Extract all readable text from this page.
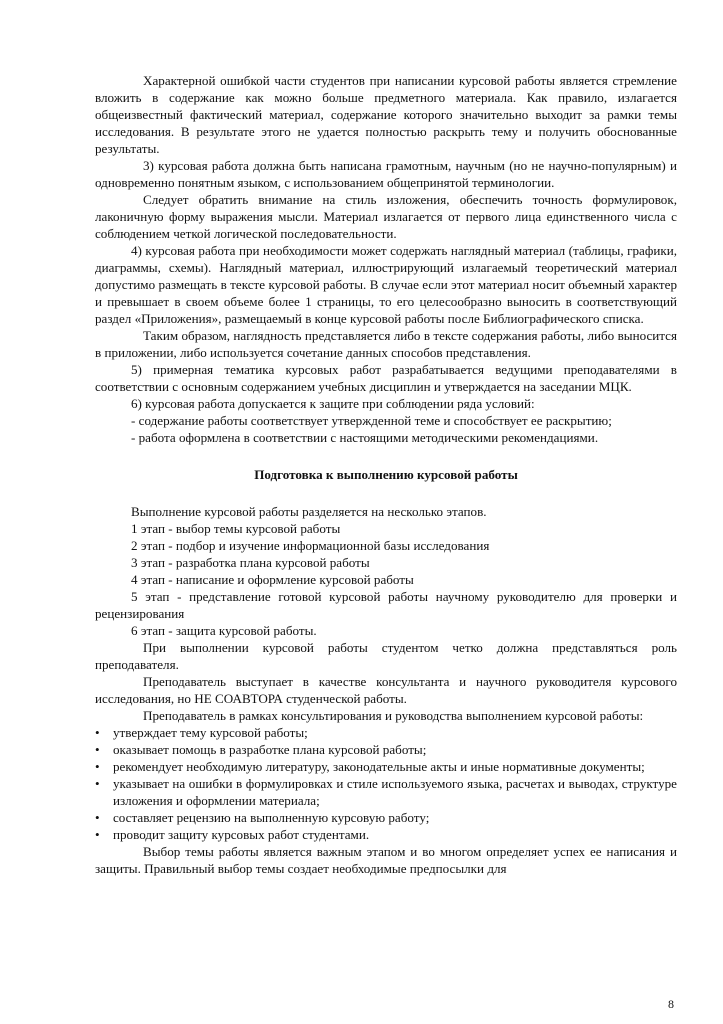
Характерной ошибкой части студентов при написании курсовой работы является стремление вложить в содержание как можно больше предметного материала. Как правило, излагается общеизвестный фактический материал, содержание которого значительно выходит за рамки темы исследования. В результате этого не удается полностью раскрыть тему и получить обоснованные результаты.

3) курсовая работа должна быть написана грамотным, научным (но не научно-популярным) и одновременно понятным языком, с использованием общепринятой терминологии.

Следует обратить внимание на стиль изложения, обеспечить точность формулировок, лаконичную форму выражения мысли. Материал излагается от первого лица единственного числа с соблюдением четкой логической последовательности.

4) курсовая работа при необходимости может содержать наглядный материал (таблицы, графики, диаграммы, схемы). Наглядный материал, иллюстрирующий излагаемый теоретический материал допустимо размещать в тексте курсовой работы. В случае если этот материал носит объемный характер и превышает в своем объеме более 1 страницы, то его целесообразно выносить в соответствующий раздел «Приложения», размещаемый в конце курсовой работы после Библиографического списка.

Таким образом, наглядность представляется либо в тексте содержания работы, либо выносится в приложении, либо используется сочетание данных способов представления.

5) примерная тематика курсовых работ разрабатывается ведущими преподавателями в соответствии с основным содержанием учебных дисциплин и утверждается на заседании МЦК.

6) курсовая работа допускается к защите при соблюдении ряда условий:

- содержание работы соответствует утвержденной теме и способствует ее раскрытию;

- работа оформлена в соответствии с настоящими методическими рекомендациями.

Подготовка к выполнению курсовой работы

Выполнение курсовой работы разделяется на несколько этапов.

1 этап - выбор темы курсовой работы

2 этап - подбор и изучение информационной базы исследования

3 этап - разработка плана курсовой работы

4 этап - написание и оформление курсовой работы

5 этап - представление готовой курсовой работы научному руководителю для проверки и рецензирования

6 этап - защита курсовой работы.

При выполнении курсовой работы студентом четко должна представляться роль преподавателя.

Преподаватель выступает в качестве консультанта и научного руководителя курсового исследования, но НЕ СОАВТОРА студенческой работы.

Преподаватель в рамках консультирования и руководства выполнением курсовой работы:

•	утверждает тему курсовой работы;
•	оказывает помощь в разработке плана курсовой работы;
•	рекомендует необходимую литературу, законодательные акты и иные нормативные документы;
•	указывает на ошибки в формулировках и стиле используемого языка, расчетах и выводах, структуре изложения и оформлении материала;
•	составляет рецензию на выполненную курсовую работу;
•	проводит защиту курсовых работ студентами.

Выбор темы работы является важным этапом и во многом определяет успех ее написания и защиты. Правильный выбор темы создает необходимые предпосылки для

8
